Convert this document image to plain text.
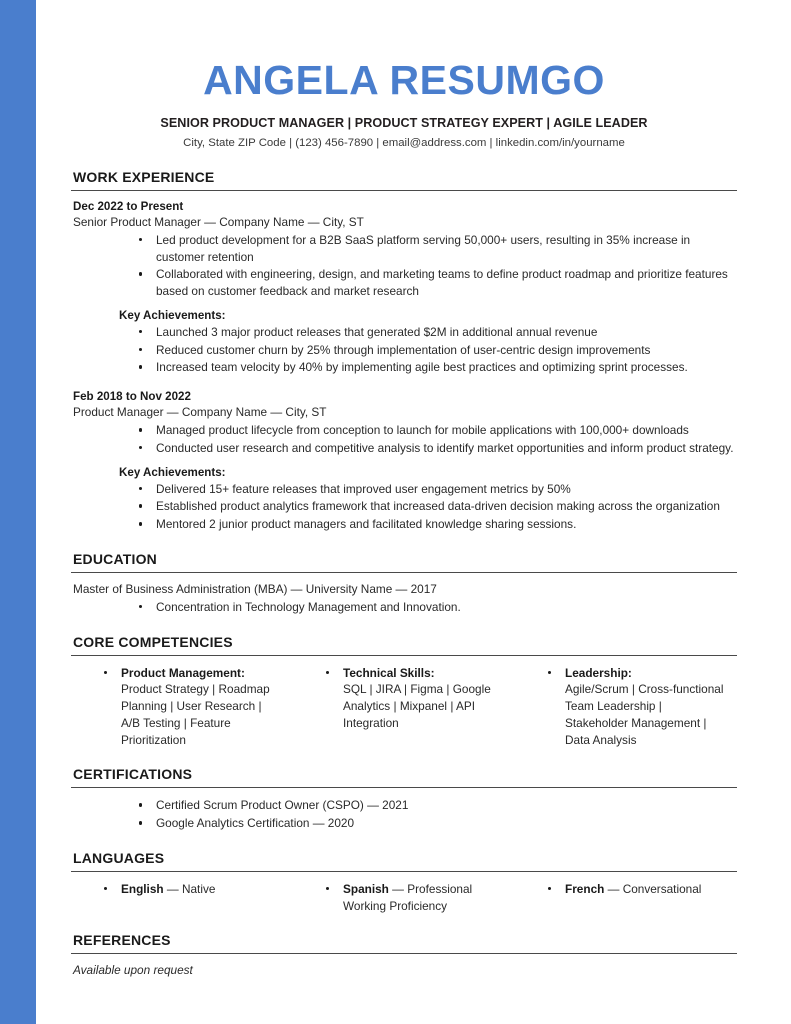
ANGELA RESUMGO
SENIOR PRODUCT MANAGER | PRODUCT STRATEGY EXPERT | AGILE LEADER
City, State ZIP Code | (123) 456-7890 | email@address.com | linkedin.com/in/yourname
WORK EXPERIENCE
Dec 2022 to Present
Senior Product Manager — Company Name — City, ST
Led product development for a B2B SaaS platform serving 50,000+ users, resulting in 35% increase in customer retention
Collaborated with engineering, design, and marketing teams to define product roadmap and prioritize features based on customer feedback and market research
Key Achievements:
Launched 3 major product releases that generated $2M in additional annual revenue
Reduced customer churn by 25% through implementation of user-centric design improvements
Increased team velocity by 40% by implementing agile best practices and optimizing sprint processes.
Feb 2018 to Nov 2022
Product Manager — Company Name — City, ST
Managed product lifecycle from conception to launch for mobile applications with 100,000+ downloads
Conducted user research and competitive analysis to identify market opportunities and inform product strategy.
Key Achievements:
Delivered 15+ feature releases that improved user engagement metrics by 50%
Established product analytics framework that increased data-driven decision making across the organization
Mentored 2 junior product managers and facilitated knowledge sharing sessions.
EDUCATION
Master of Business Administration (MBA) — University Name — 2017
Concentration in Technology Management and Innovation.
CORE COMPETENCIES
Product Management:
Product Strategy | Roadmap Planning | User Research | A/B Testing | Feature Prioritization
Technical Skills:
SQL | JIRA | Figma | Google Analytics | Mixpanel | API Integration
Leadership:
Agile/Scrum | Cross-functional Team Leadership | Stakeholder Management | Data Analysis
CERTIFICATIONS
Certified Scrum Product Owner (CSPO) — 2021
Google Analytics Certification — 2020
LANGUAGES
English — Native	Spanish — Professional Working Proficiency
French — Conversational
REFERENCES
Available upon request
